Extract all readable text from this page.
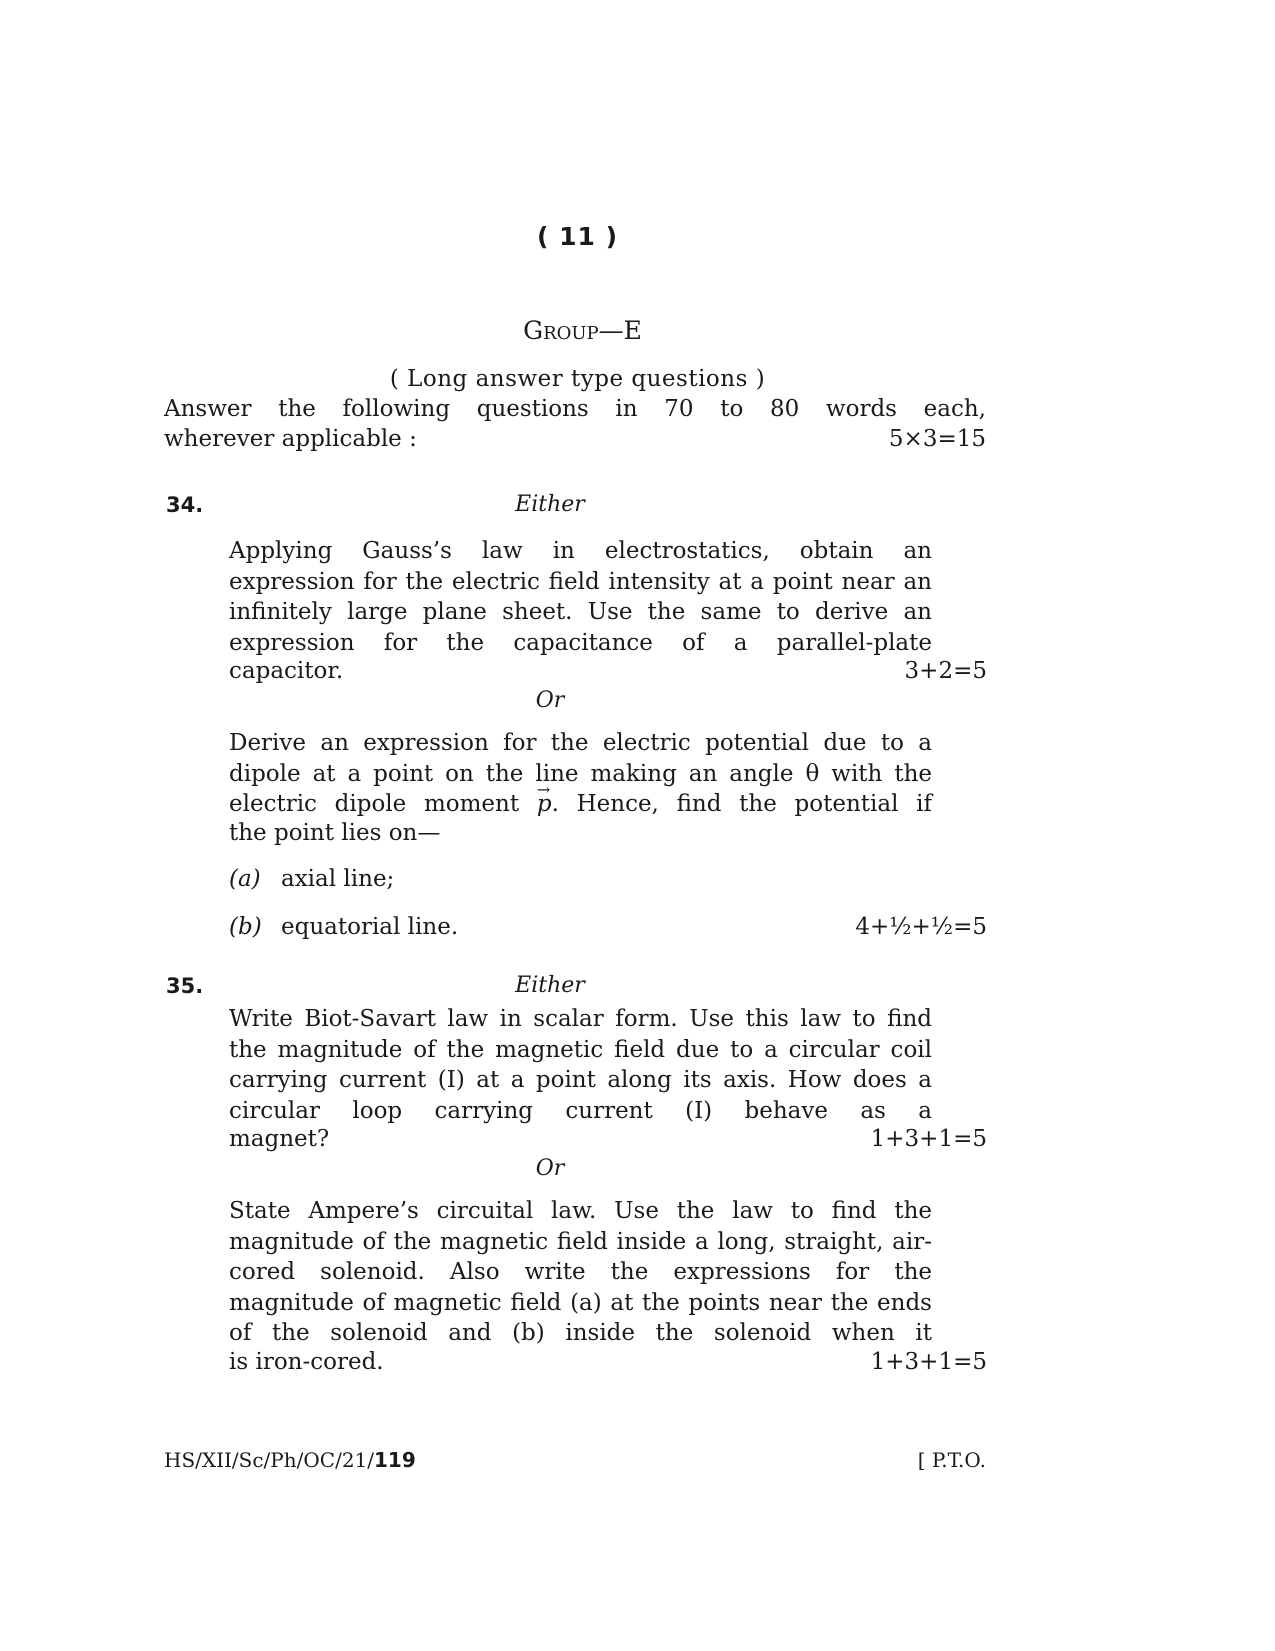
( 11 )
Group—E
( Long answer type questions )
Answer the following questions in 70 to 80 words each,
wherever applicable :	5×3=15
34.	Either
Applying Gauss’s law in electrostatics, obtain an expression for the electric field intensity at a point near an infinitely large plane sheet. Use the same to derive an expression for the capacitance of a parallel-plate
capacitor.	3+2=5
Or
Derive an expression for the electric potential due to a dipole at a point on the line making an angle θ with the electric dipole moment → p. Hence, find the potential if
the point lies on—
(a) axial line;
(b) equatorial line.	4+½+½=5
35.	Either
Write Biot-Savart law in scalar form. Use this law to find the magnitude of the magnetic field due to a circular coil carrying current (I) at a point along its axis. How does a circular loop carrying current (I) behave as a
magnet?	1+3+1=5
Or
State Ampere’s circuital law. Use the law to find the magnitude of the magnetic field inside a long, straight, air-cored solenoid. Also write the expressions for the magnitude of magnetic field (a) at the points near the ends of the solenoid and (b) inside the solenoid when it
is iron-cored.	1+3+1=5
HS/XII/Sc/Ph/OC/21/119	[ P.T.O.
